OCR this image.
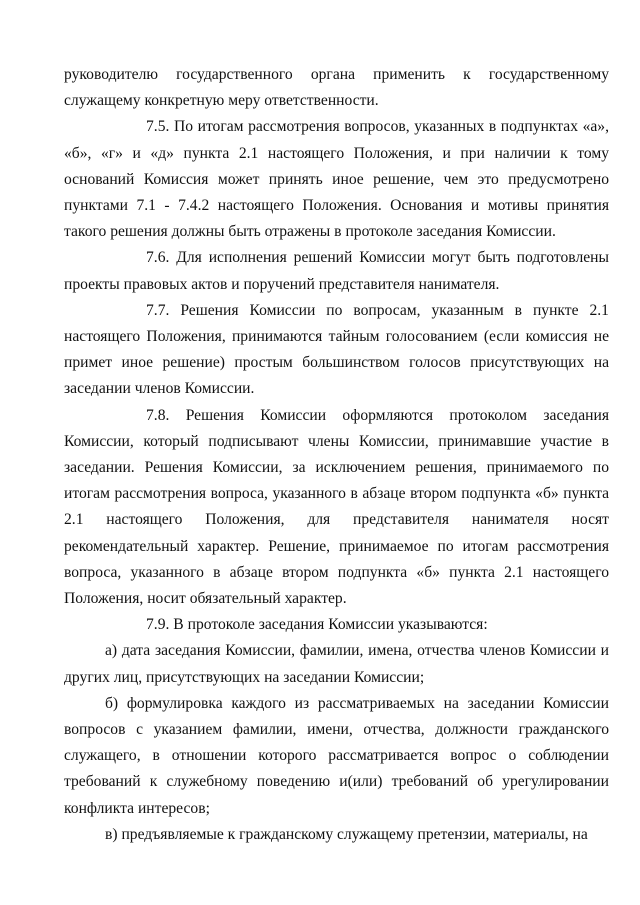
руководителю государственного органа применить к государственному служащему конкретную меру ответственности.

7.5. По итогам рассмотрения вопросов, указанных в подпунктах «а», «б», «г» и «д» пункта 2.1 настоящего Положения, и при наличии к тому оснований Комиссия может принять иное решение, чем это предусмотрено пунктами 7.1 - 7.4.2 настоящего Положения. Основания и мотивы принятия такого решения должны быть отражены в протоколе заседания Комиссии.

7.6. Для исполнения решений Комиссии могут быть подготовлены проекты правовых актов и поручений представителя нанимателя.

7.7. Решения Комиссии по вопросам, указанным в пункте 2.1 настоящего Положения, принимаются тайным голосованием (если комиссия не примет иное решение) простым большинством голосов присутствующих на заседании членов Комиссии.

7.8. Решения Комиссии оформляются протоколом заседания Комиссии, который подписывают члены Комиссии, принимавшие участие в заседании. Решения Комиссии, за исключением решения, принимаемого по итогам рассмотрения вопроса, указанного в абзаце втором подпункта «б» пункта 2.1 настоящего Положения, для представителя нанимателя носят рекомендательный характер. Решение, принимаемое по итогам рассмотрения вопроса, указанного в абзаце втором подпункта «б» пункта 2.1 настоящего Положения, носит обязательный характер.

7.9. В протоколе заседания Комиссии указываются:

а) дата заседания Комиссии, фамилии, имена, отчества членов Комиссии и других лиц, присутствующих на заседании Комиссии;

б) формулировка каждого из рассматриваемых на заседании Комиссии вопросов с указанием фамилии, имени, отчества, должности гражданского служащего, в отношении которого рассматривается вопрос о соблюдении требований к служебному поведению и(или) требований об урегулировании конфликта интересов;

в) предъявляемые к гражданскому служащему претензии, материалы, на
